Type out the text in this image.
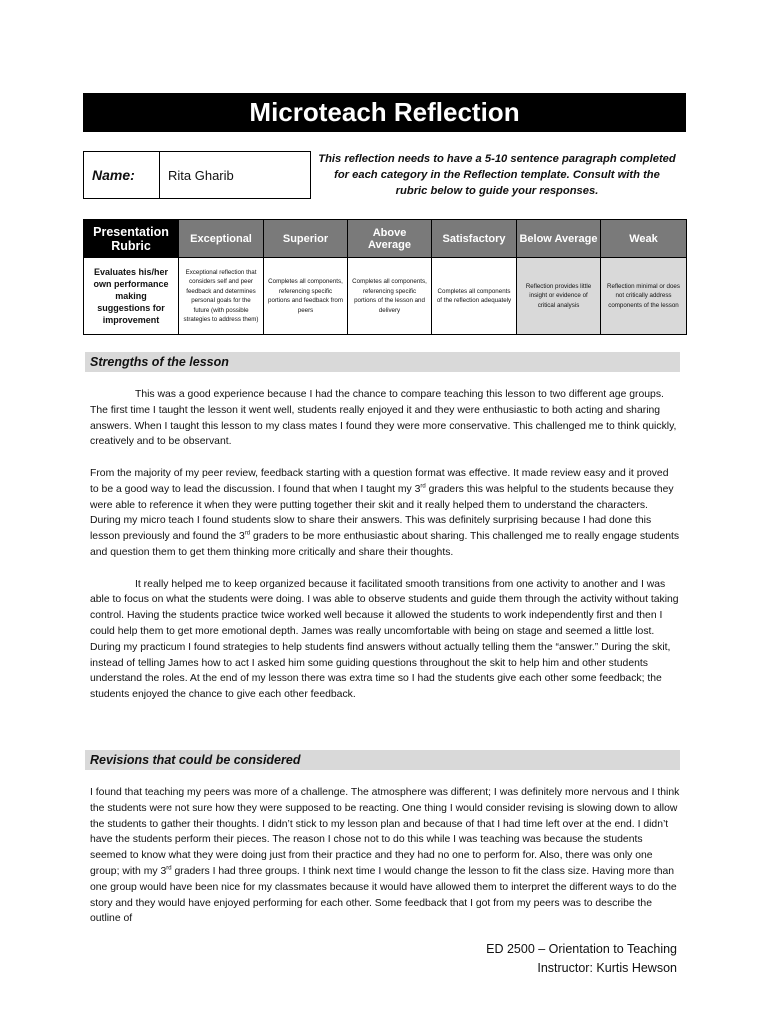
Microteach Reflection
Name:	Rita Gharib
This reflection needs to have a 5-10 sentence paragraph completed for each category in the Reflection template. Consult with the rubric below to guide your responses.
Presentation Rubric	Exceptional	Superior	Above Average	Satisfactory	Below Average	Weak
Evaluates his/her own performance making suggestions for improvement	Exceptional reflection that considers self and peer feedback and determines personal goals for the future (with possible strategies to address them)	Completes all components, referencing specific portions and feedback from peers	Completes all components, referencing specific portions of the lesson and delivery	Completes all components of the reflection adequately	Reflection provides little insight or evidence of critical analysis	Reflection minimal or does not critically address components of the lesson
Strengths of the lesson

This was a good experience because I had the chance to compare teaching this lesson to two different age groups. The first time I taught the lesson it went well, students really enjoyed it and they were enthusiastic to both acting and sharing answers. When I taught this lesson to my class mates I found they were more conservative. This challenged me to think quickly, creatively and to be observant.

From the majority of my peer review, feedback starting with a question format was effective. It made review easy and it proved to be a good way to lead the discussion. I found that when I taught my 3rd graders this was helpful to the students because they were able to reference it when they were putting together their skit and it really helped them to understand the characters. During my micro teach I found students slow to share their answers. This was definitely surprising because I had done this lesson previously and found the 3rd graders to be more enthusiastic about sharing. This challenged me to really engage students and question them to get them thinking more critically and share their thoughts.

It really helped me to keep organized because it facilitated smooth transitions from one activity to another and I was able to focus on what the students were doing. I was able to observe students and guide them through the activity without taking control. Having the students practice twice worked well because it allowed the students to work independently first and then I could help them to get more emotional depth. James was really uncomfortable with being on stage and seemed a little lost. During my practicum I found strategies to help students find answers without actually telling them the “answer.” During the skit, instead of telling James how to act I asked him some guiding questions throughout the skit to help him and other students understand the roles. At the end of my lesson there was extra time so I had the students give each other some feedback; the students enjoyed the chance to give each other feedback.

Revisions that could be considered

I found that teaching my peers was more of a challenge. The atmosphere was different; I was definitely more nervous and I think the students were not sure how they were supposed to be reacting. One thing I would consider revising is slowing down to allow the students to gather their thoughts. I didn’t stick to my lesson plan and because of that I had time left over at the end. I didn’t have the students perform their pieces. The reason I chose not to do this while I was teaching was because the students seemed to know what they were doing just from their practice and they had no one to perform for. Also, there was only one group; with my 3rd graders I had three groups. I think next time I would change the lesson to fit the class size. Having more than one group would have been nice for my classmates because it would have allowed them to interpret the different ways to do the story and they would have enjoyed performing for each other. Some feedback that I got from my peers was to describe the outline of

ED 2500 – Orientation to Teaching
Instructor: Kurtis Hewson
